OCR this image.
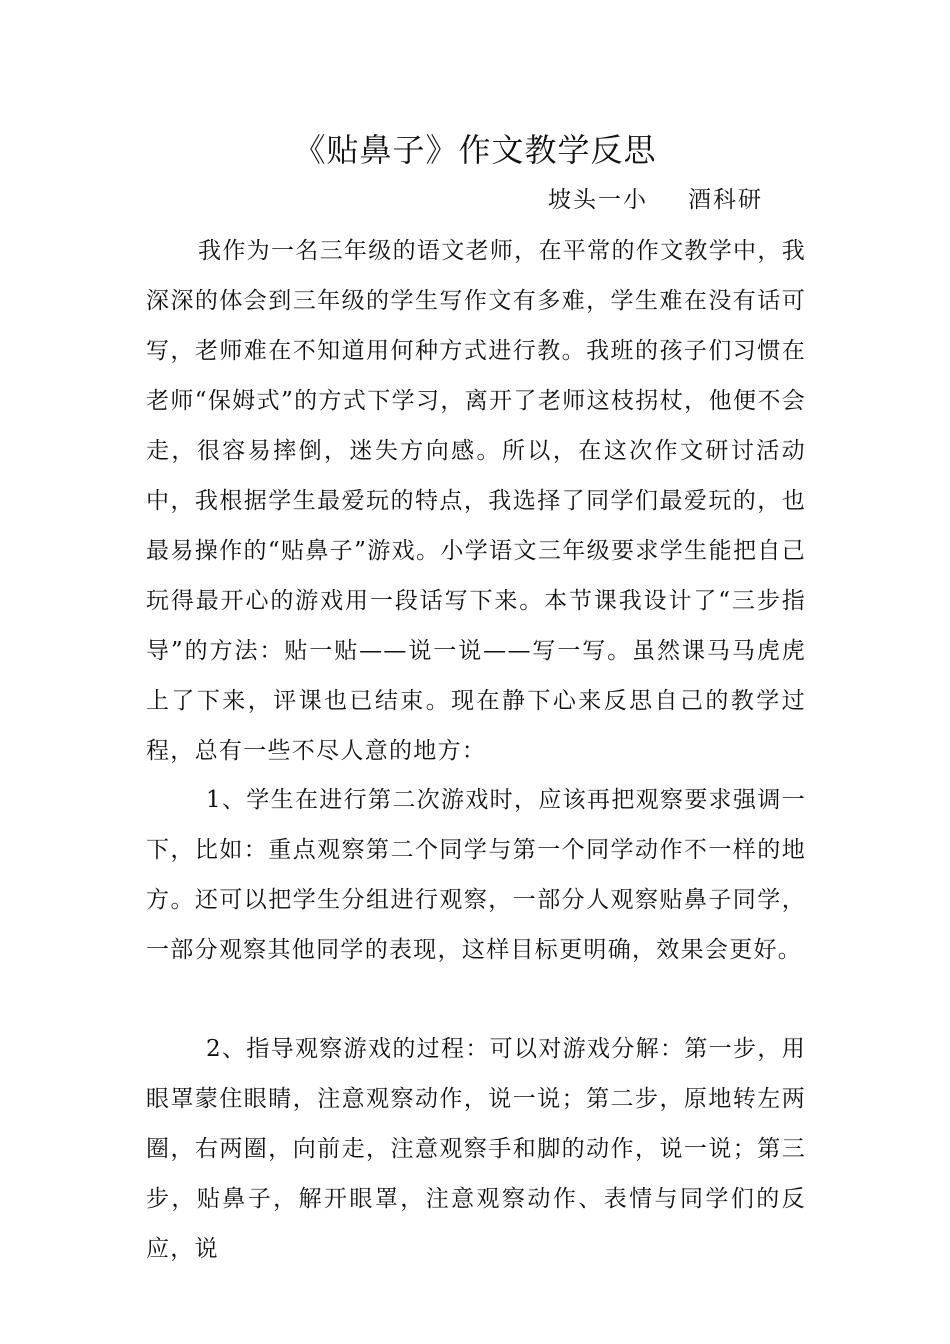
《贴鼻子》作文教学反思
坡头一小 酒科研

我作为一名三年级的语文老师，在平常的作文教学中，我深深的体会到三年级的学生写作文有多难，学生难在没有话可写，老师难在不知道用何种方式进行教。我班的孩子们习惯在老师“保姆式”的方式下学习，离开了老师这枝拐杖，他便不会走，很容易摔倒，迷失方向感。所以，在这次作文研讨活动中，我根据学生最爱玩的特点，我选择了同学们最爱玩的，也最易操作的“贴鼻子”游戏。小学语文三年级要求学生能把自己玩得最开心的游戏用一段话写下来。本节课我设计了“三步指导”的方法：贴一贴——说一说——写一写。虽然课马马虎虎上了下来，评课也已结束。现在静下心来反思自己的教学过程，总有一些不尽人意的地方：

1、学生在进行第二次游戏时，应该再把观察要求强调一下，比如：重点观察第二个同学与第一个同学动作不一样的地方。还可以把学生分组进行观察，一部分人观察贴鼻子同学，一部分观察其他同学的表现，这样目标更明确，效果会更好。

2、指导观察游戏的过程：可以对游戏分解：第一步，用眼罩蒙住眼睛，注意观察动作，说一说；第二步，原地转左两圈，右两圈，向前走，注意观察手和脚的动作，说一说；第三步，贴鼻子，解开眼罩，注意观察动作、表情与同学们的反应，说
